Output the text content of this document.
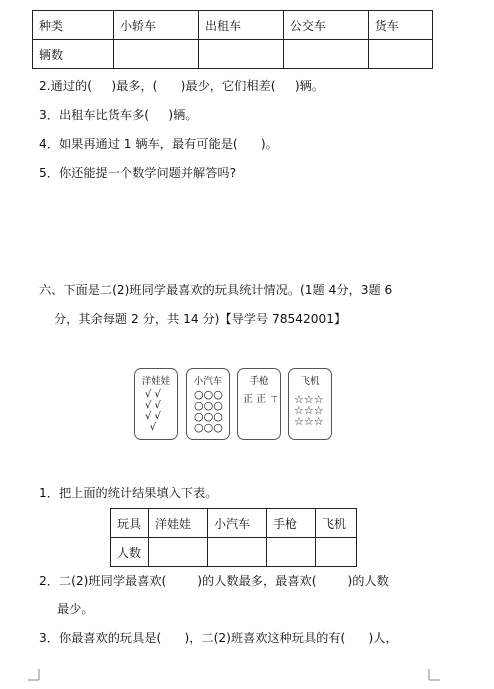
种类	小轿车	出租车	公交车	货车
辆数				
2.通过的(     )最多，(      )最少，它们相差(     )辆。
3．出租车比货车多(     )辆。
4．如果再通过 1 辆车，最有可能是(      )。
5．你还能提一个数学问题并解答吗?
六、下面是二(2)班同学最喜欢的玩具统计情况。(1题 4分，3题 6
分，其余每题 2 分，共 14 分)【导学号 78542001】
洋娃娃
√ √
√ √
√ √
√
小汽车
○○○
○○○
○○○
○○○
手枪
正 正 ㄒ
飞机
☆☆☆
☆☆☆
☆☆☆
1．把上面的统计结果填入下表。
玩具	洋娃娃	小汽车	手枪	飞机
人数				
2．二(2)班同学最喜欢(        )的人数最多，最喜欢(        )的人数
最少。
3．你最喜欢的玩具是(      )，二(2)班喜欢这种玩具的有(      )人，
